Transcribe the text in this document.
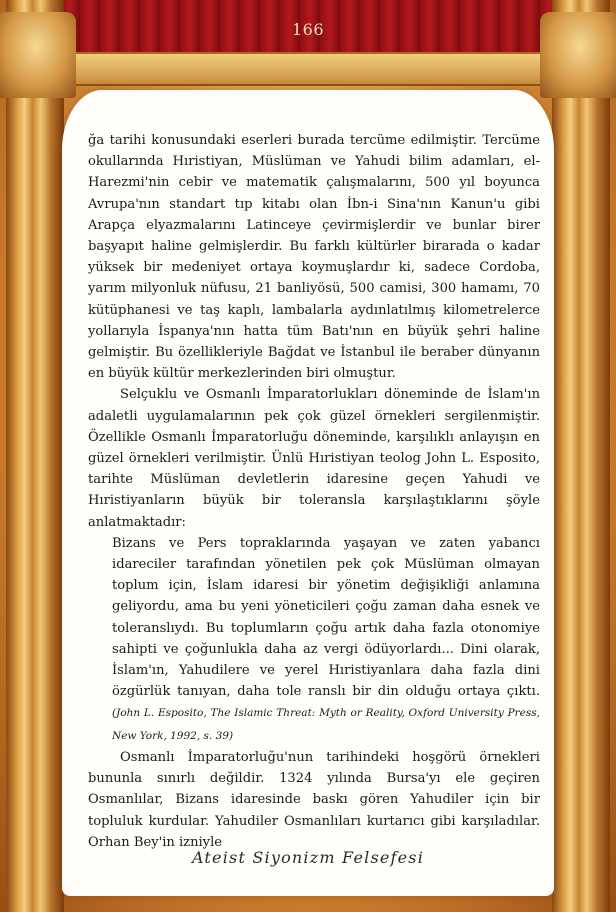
166

ğa tarihi konusundaki eserleri burada tercüme edilmiştir. Tercüme okullarında Hıristiyan, Müslüman ve Yahudi bilim adamları, el-Harezmi'nin cebir ve matematik çalışmalarını, 500 yıl boyunca Avrupa'nın standart tıp kitabı olan İbn-i Sina'nın Kanun'u gibi Arapça elyazmalarını Latinceye çevirmişlerdir ve bunlar birer başyapıt haline gelmişlerdir. Bu farklı kültürler birarada o kadar yüksek bir medeniyet ortaya koymuşlardır ki, sadece Cordoba, yarım milyonluk nüfusu, 21 banliyösü, 500 camisi, 300 hamamı, 70 kütüphanesi ve taş kaplı, lambalarla aydınlatılmış kilometrelerce yollarıyla İspanya'nın hatta tüm Batı'nın en büyük şehri haline gelmiştir. Bu özellikleriyle Bağdat ve İstanbul ile beraber dünyanın en büyük kültür merkezlerinden biri olmuştur.

Selçuklu ve Osmanlı İmparatorlukları döneminde de İslam'ın adaletli uygulamalarının pek çok güzel örnekleri sergilenmiştir. Özellikle Osmanlı İmparatorluğu döneminde, karşılıklı anlayışın en güzel örnekleri verilmiştir. Ünlü Hıristiyan teolog John L. Esposito, tarihte Müslüman devletlerin idaresine geçen Yahudi ve Hıristiyanların büyük bir toleransla karşılaştıklarını şöyle anlatmaktadır:

Bizans ve Pers topraklarında yaşayan ve zaten yabancı idareciler tarafından yönetilen pek çok Müslüman olmayan toplum için, İslam idaresi bir yönetim değişikliği anlamına geliyordu, ama bu yeni yöneticileri çoğu zaman daha esnek ve toleranslıydı. Bu toplumların çoğu artık daha fazla otonomiye sahipti ve çoğunlukla daha az vergi ödüyorlardı... Dini olarak, İslam'ın, Yahudilere ve yerel Hıristiyanlara daha fazla dini özgürlük tanıyan, daha tole ranslı bir din olduğu ortaya çıktı. (John L. Esposito, The Islamic Threat: Myth or Reality, Oxford University Press, New York, 1992, s. 39)

Osmanlı İmparatorluğu'nun tarihindeki hoşgörü örnekleri bununla sınırlı değildir. 1324 yılında Bursa'yı ele geçiren Osmanlılar, Bizans idaresinde baskı gören Yahudiler için bir topluluk kurdular. Yahudiler Osmanlıları kurtarıcı gibi karşıladılar. Orhan Bey'in izniyle

Ateist Siyonizm Felsefesi
